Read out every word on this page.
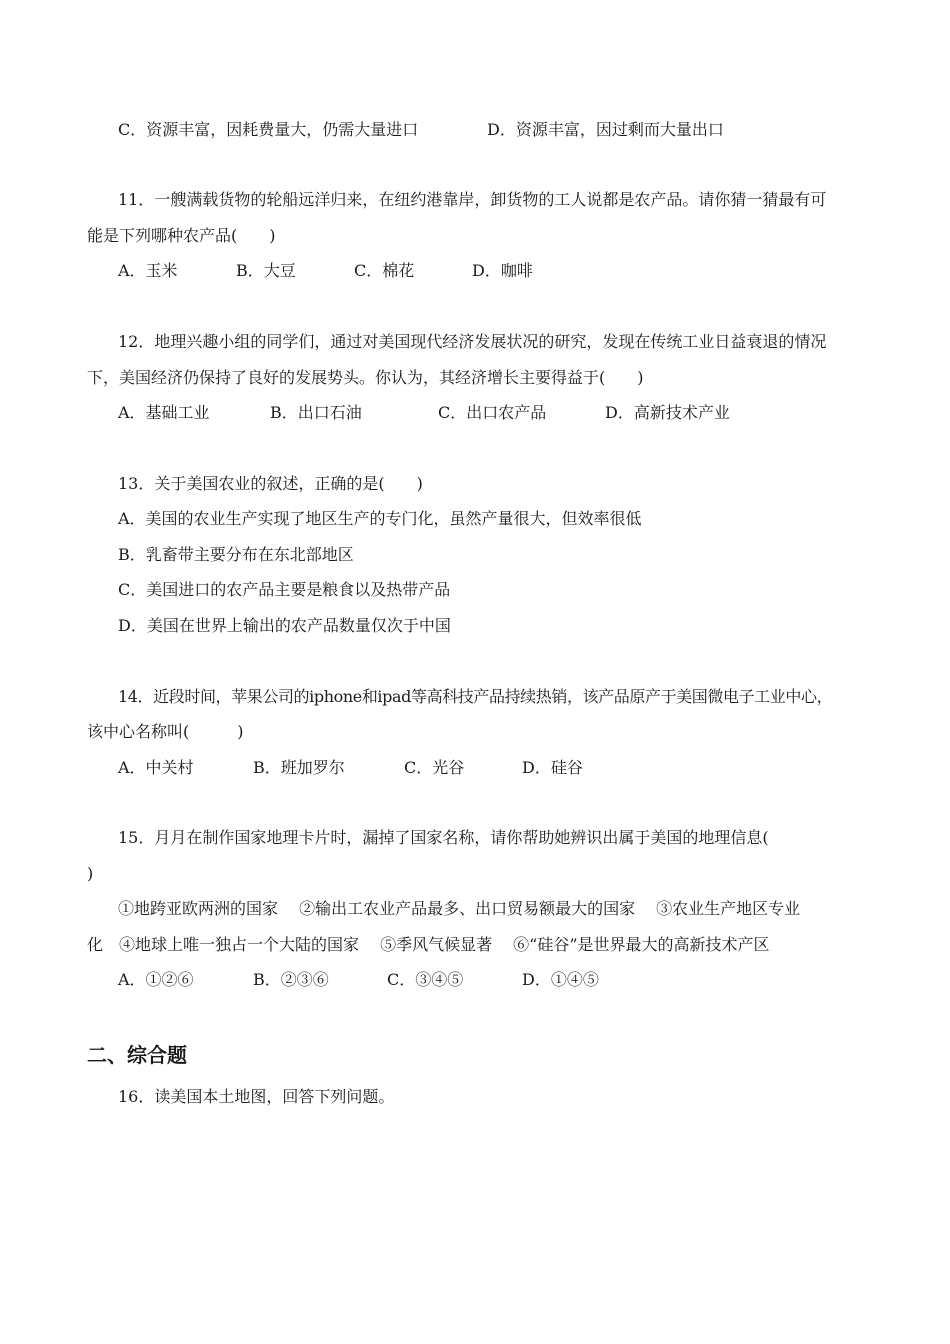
C．资源丰富，因耗费量大，仍需大量进口	D．资源丰富，因过剩而大量出口
11．一艘满载货物的轮船远洋归来，在纽约港靠岸，卸货物的工人说都是农产品。请你猜一猜最有可
能是下列哪种农产品(　　)
A．玉米	B．大豆	C．棉花	D．咖啡
12．地理兴趣小组的同学们，通过对美国现代经济发展状况的研究，发现在传统工业日益衰退的情况
下，美国经济仍保持了良好的发展势头。你认为，其经济增长主要得益于(　　)
A．基础工业	B．出口石油	C．出口农产品	D．高新技术产业
13．关于美国农业的叙述，正确的是(　　)
A．美国的农业生产实现了地区生产的专门化，虽然产量很大，但效率很低
B．乳畜带主要分布在东北部地区
C．美国进口的农产品主要是粮食以及热带产品
D．美国在世界上输出的农产品数量仅次于中国
14．近段时间，苹果公司的iphone和ipad等高科技产品持续热销，该产品原产于美国微电子工业中心，
该中心名称叫(　　　)
A．中关村	B．班加罗尔	C．光谷	D．硅谷
15．月月在制作国家地理卡片时，漏掉了国家名称，请你帮助她辨识出属于美国的地理信息(
)
①地跨亚欧两洲的国家　 ②输出工农业产品最多、出口贸易额最大的国家　 ③农业生产地区专业
化　④地球上唯一独占一个大陆的国家　 ⑤季风气候显著　 ⑥“硅谷”是世界最大的高新技术产区
A．①②⑥	B．②③⑥	C．③④⑤	D．①④⑤
二、综合题
16．读美国本土地图，回答下列问题。
